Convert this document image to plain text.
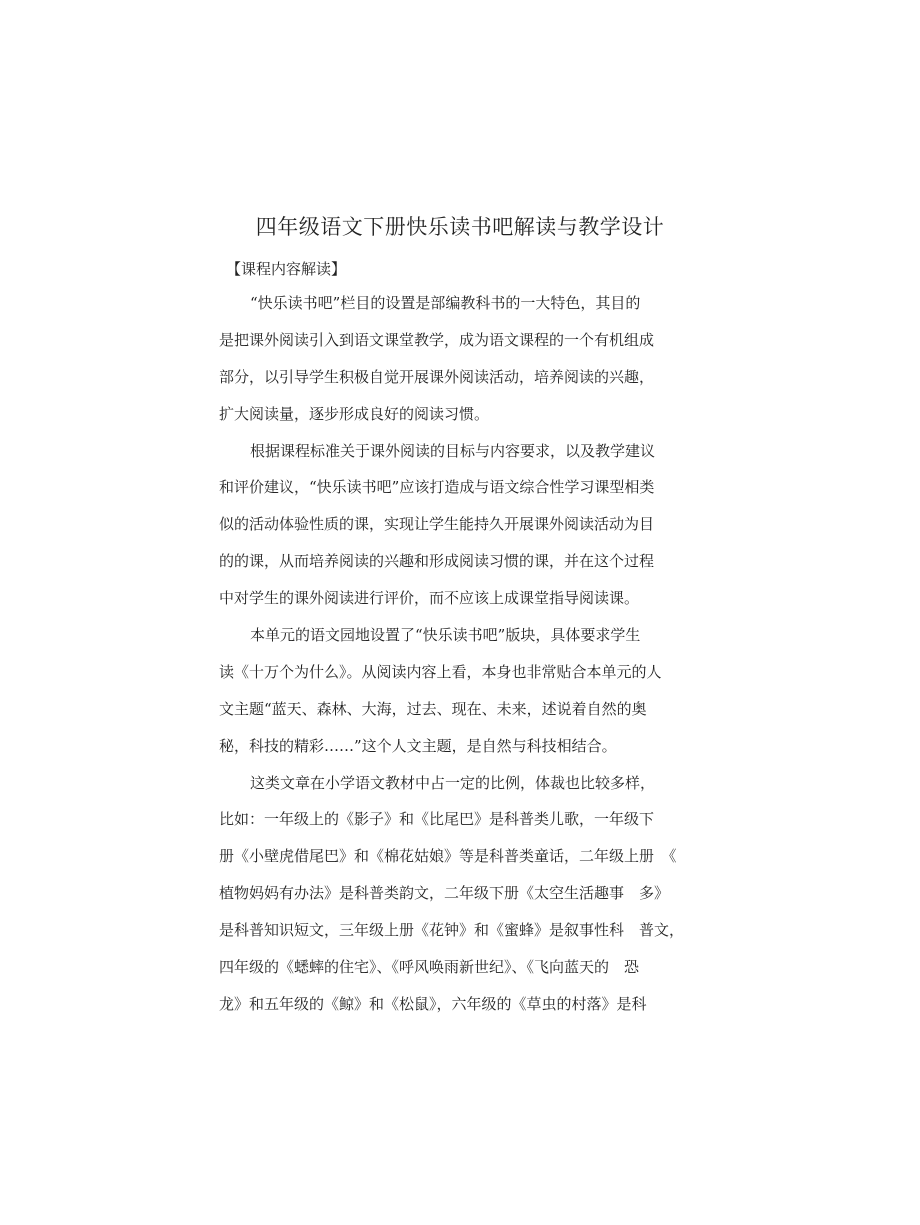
四年级语文下册快乐读书吧解读与教学设计
【课程内容解读】
“快乐读书吧”栏目的设置是部编教科书的一大特色，其目的
是把课外阅读引入到语文课堂教学，成为语文课程的一个有机组成
部分，以引导学生积极自觉开展课外阅读活动，培养阅读的兴趣，
扩大阅读量，逐步形成良好的阅读习惯。
根据课程标准关于课外阅读的目标与内容要求，以及教学建议
和评价建议，“快乐读书吧”应该打造成与语文综合性学习课型相类
似的活动体验性质的课，实现让学生能持久开展课外阅读活动为目
的的课，从而培养阅读的兴趣和形成阅读习惯的课，并在这个过程
中对学生的课外阅读进行评价，而不应该上成课堂指导阅读课。
本单元的语文园地设置了“快乐读书吧”版块，具体要求学生
读《十万个为什么》。从阅读内容上看，本身也非常贴合本单元的人
文主题“蓝天、森林、大海，过去、现在、未来，述说着自然的奥
秘，科技的精彩……”这个人文主题，是自然与科技相结合。
这类文章在小学语文教材中占一定的比例，体裁也比较多样，
比如：一年级上的《影子》和《比尾巴》是科普类儿歌，一年级下
册《小壁虎借尾巴》和《棉花姑娘》等是科普类童话，二年级上册　《
植物妈妈有办法》是科普类韵文，二年级下册《太空生活趣事　多》
是科普知识短文，三年级上册《花钟》和《蜜蜂》是叙事性科　普文，
四年级的《蟋蟀的住宅》、《呼风唤雨新世纪》、《飞向蓝天的　恐
龙》和五年级的《鲸》和《松鼠》，六年级的《草虫的村落》是科
